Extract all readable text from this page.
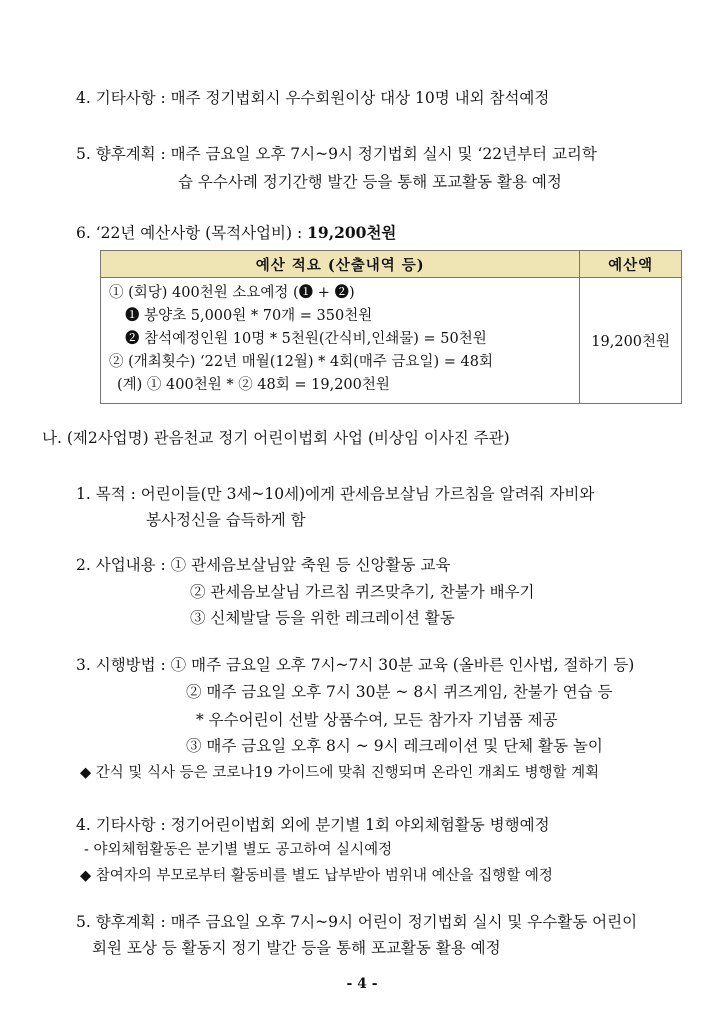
4. 기타사항 : 매주 정기법회시 우수회원이상 대상 10명 내외 참석예정
5. 향후계획 : 매주 금요일 오후 7시~9시 정기법회 실시 및 ‘22년부터 교리학
습 우수사례 정기간행 발간 등을 통해 포교활동 활용 예정
6. ‘22년 예산사항 (목적사업비) : 19,200천원
예산 적요 (산출내역 등)	예산액

① (회당) 400천원 소요예정 (❶ + ❷)
❶ 봉양초 5,000원 * 70개 = 350천원
❷ 참석예정인원 10명 * 5천원(간식비,인쇄물) = 50천원
② (개최횟수) ‘22년 매월(12월) * 4회(매주 금요일) = 48회
(계) ① 400천원 * ② 48회 = 19,200천원	19,200천원
나. (제2사업명) 관음천교 정기 어린이법회 사업 (비상임 이사진 주관)
1. 목적 : 어린이들(만 3세~10세)에게 관세음보살님 가르침을 알려줘 자비와
봉사정신을 습득하게 함
2. 사업내용 : ① 관세음보살님앞 축원 등 신앙활동 교육
② 관세음보살님 가르침 퀴즈맞추기, 찬불가 배우기
③ 신체발달 등을 위한 레크레이션 활동
3. 시행방법 : ① 매주 금요일 오후 7시~7시 30분 교육 (올바른 인사법, 절하기 등)
② 매주 금요일 오후 7시 30분 ~ 8시 퀴즈게임, 찬불가 연습 등
* 우수어린이 선발 상품수여, 모든 참가자 기념품 제공
③ 매주 금요일 오후 8시 ~ 9시 레크레이션 및 단체 활동 놀이
◆ 간식 및 식사 등은 코로나19 가이드에 맞춰 진행되며 온라인 개최도 병행할 계획
4. 기타사항 : 정기어린이법회 외에 분기별 1회 야외체험활동 병행예정
- 야외체험활동은 분기별 별도 공고하여 실시예정
◆ 참여자의 부모로부터 활동비를 별도 납부받아 범위내 예산을 집행할 예정
5. 향후계획 : 매주 금요일 오후 7시~9시 어린이 정기법회 실시 및 우수활동 어린이
회원 포상 등 활동지 정기 발간 등을 통해 포교활동 활용 예정
- 4 -
